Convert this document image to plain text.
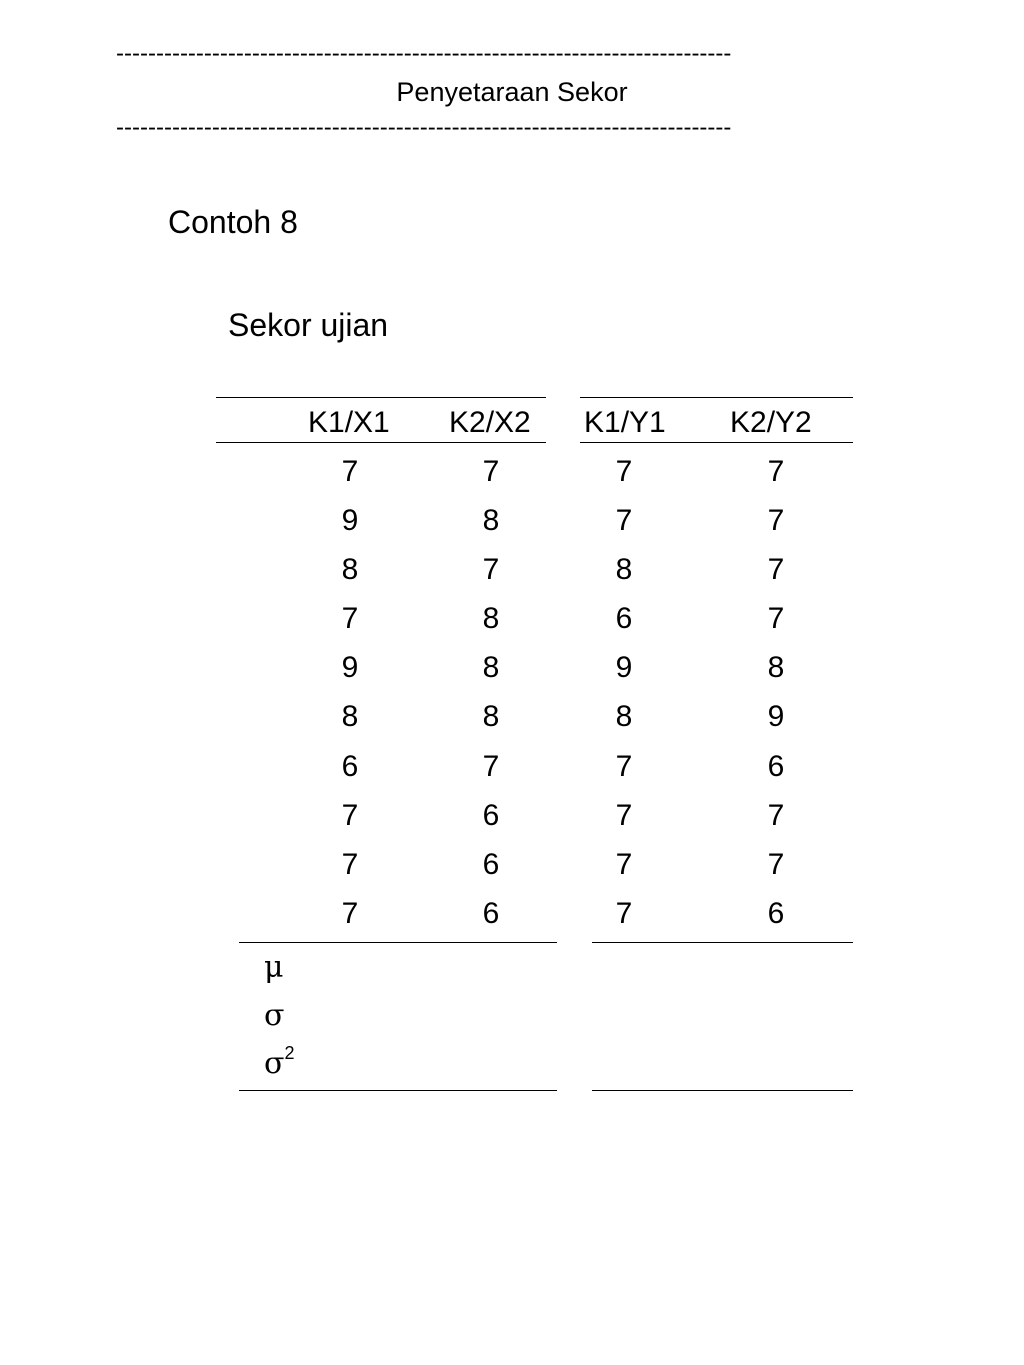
-----------------------------------------------------------------------------
Penyetaraan Sekor
-----------------------------------------------------------------------------
Contoh 8
Sekor ujian
K1/X1 K2/X2 K1/Y1 K2/Y2
7	7	7	7
9	8	7	7
8	7	8	7
7	8	6	7
9	8	9	8
8	8	8	9
6	7	7	6
7	6	7	7
7	6	7	7
7	6	7	6
μ
σ
$\sigma^2$
